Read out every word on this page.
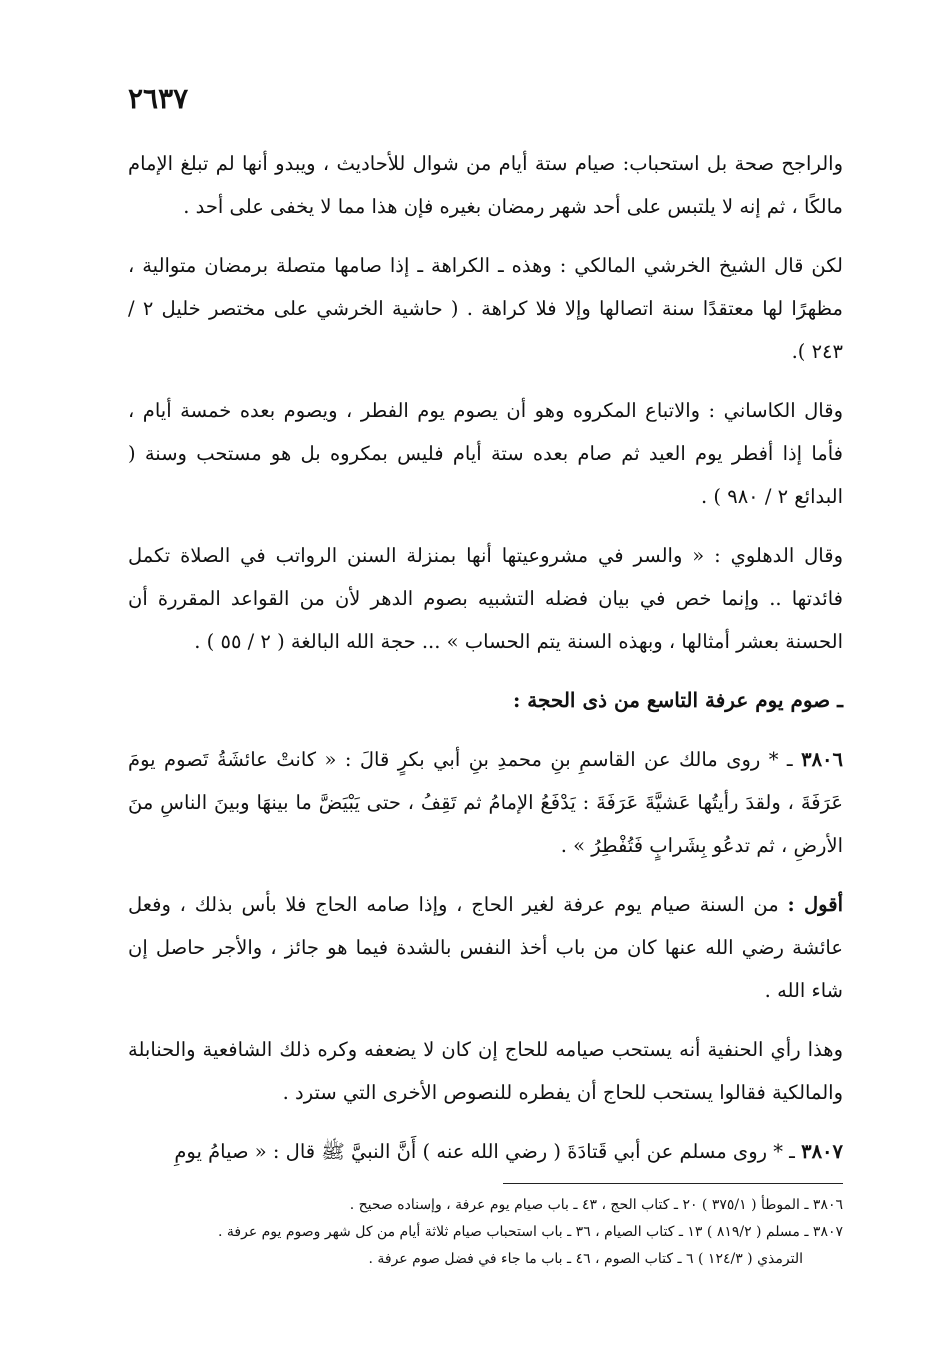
٢٦٣٧

والراجح صحة بل استحباب: صيام ستة أيام من شوال للأحاديث ، ويبدو أنها لم تبلغ الإمام مالكًا ، ثم إنه لا يلتبس على أحد شهر رمضان بغيره فإن هذا مما لا يخفى على أحد .

لكن قال الشيخ الخرشي المالكي : وهذه ـ الكراهة ـ إذا صامها متصلة برمضان متوالية ، مظهرًا لها معتقدًا سنة اتصالها وإلا فلا كراهة . ( حاشية الخرشي على مختصر خليل ٢ / ٢٤٣ ).

وقال الكاساني : والاتباع المكروه وهو أن يصوم يوم الفطر ، ويصوم بعده خمسة أيام ، فأما إذا أفطر يوم العيد ثم صام بعده ستة أيام فليس بمكروه بل هو مستحب وسنة ( البدائع ٢ / ٩٨٠ ) .

وقال الدهلوي : « والسر في مشروعيتها أنها بمنزلة السنن الرواتب في الصلاة تكمل فائدتها .. وإنما خص في بيان فضله التشبيه بصوم الدهر لأن من القواعد المقررة أن الحسنة بعشر أمثالها ، وبهذه السنة يتم الحساب » ... حجة الله البالغة ( ٢ / ٥٥ ) .

ـ صوم يوم عرفة التاسع من ذى الحجة :

٣٨٠٦ ـ * روى مالك عن القاسمِ بنِ محمدِ بنِ أبي بكرٍ قالَ : « كانتْ عائشَةُ تَصوم يومَ عَرَفَةَ ، ولقدَ رأيتُها عَشيَّةَ عَرَفَةَ : يَدْفَعُ الإمامُ ثم تَقِفُ ، حتى يَبْيَضَّ ما بينهَا وبينَ الناسِ منَ الأرضِ ، ثم تدعُو بِشَرابٍ فَتُفْطِرُ » .

أقول : من السنة صيام يوم عرفة لغير الحاج ، وإذا صامه الحاج فلا بأس بذلك ، وفعل عائشة رضي الله عنها كان من باب أخذ النفس بالشدة فيما هو جائز ، والأجر حاصل إن شاء الله .

وهذا رأي الحنفية أنه يستحب صيامه للحاج إن كان لا يضعفه وكره ذلك الشافعية والحنابلة والمالكية فقالوا يستحب للحاج أن يفطره للنصوص الأخرى التي سترد .

٣٨٠٧ ـ * روى مسلم عن أبي قَتادَةَ ( رضي الله عنه ) أَنَّ النبيَّ ﷺ قال : « صيامُ يومِ

٣٨٠٦ ـ الموطأ ( ٣٧٥/١ ) ٢٠ ـ كتاب الحج ، ٤٣ ـ باب صيام يوم عرفة ، وإسناده صحيح .
٣٨٠٧ ـ مسلم ( ٨١٩/٢ ) ١٣ ـ كتاب الصيام ، ٣٦ ـ باب استحباب صيام ثلاثة أيام من كل شهر وصوم يوم عرفة .
الترمذي ( ١٢٤/٣ ) ٦ ـ كتاب الصوم ، ٤٦ ـ باب ما جاء في فضل صوم عرفة .
